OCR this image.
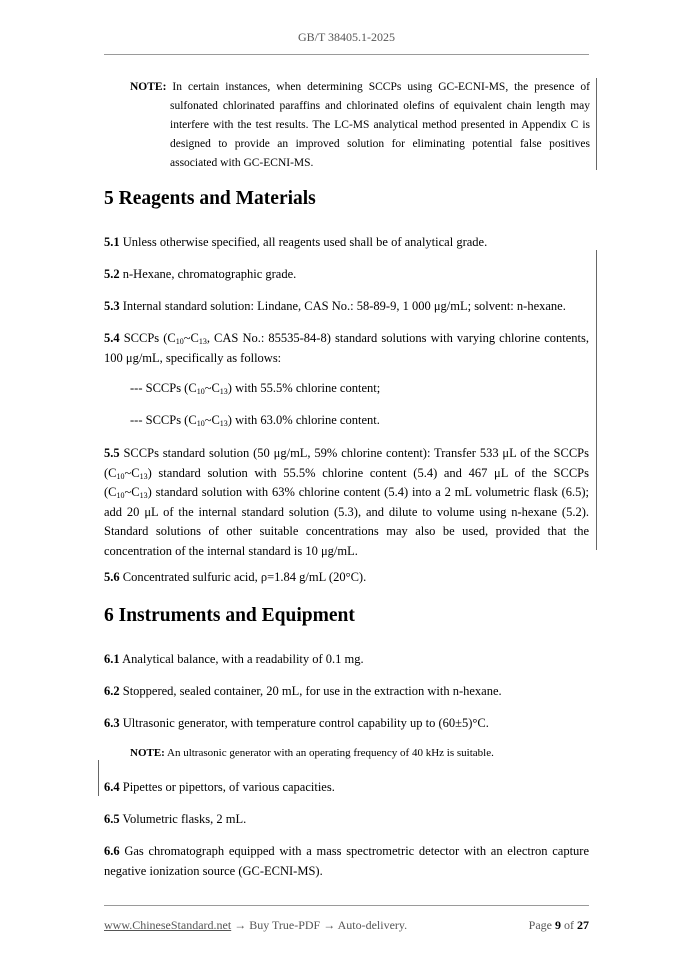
GB/T 38405.1-2025
NOTE: In certain instances, when determining SCCPs using GC-ECNI-MS, the presence of
sulfonated chlorinated paraffins and chlorinated olefins of equivalent chain length may
interfere with the test results. The LC-MS analytical method presented in Appendix C is
designed to provide an improved solution for eliminating potential false positives
associated with GC-ECNI-MS.
5 Reagents and Materials
5.1 Unless otherwise specified, all reagents used shall be of analytical grade.
5.2 n-Hexane, chromatographic grade.
5.3 Internal standard solution: Lindane, CAS No.: 58-89-9, 1 000 μg/mL; solvent: n-hexane.
5.4 SCCPs ($C_{10}\sim C_{13}$, CAS No.: 85535-84-8) standard solutions with varying chlorine contents,
100 μg/mL, specifically as follows:
--- SCCPs $(C_{10}\sim C_{13})$ with 55.5% chlorine content;
--- SCCPs $(C_{10}\sim C_{13})$ with 63.0% chlorine content.
5.5 SCCPs standard solution (50 μg/mL, 59% chlorine content): Transfer 533 μL of the SCCPs
$(C_{10}\sim C_{13})$ standard solution with 55.5% chlorine content (5.4) and 467 μL of the SCCPs
$(C_{10}\sim C_{13})$ standard solution with 63% chlorine content (5.4) into a 2 mL volumetric flask (6.5);
add 20 μL of the internal standard solution (5.3), and dilute to volume using n-hexane (5.2).
Standard solutions of other suitable concentrations may also be used, provided that the
concentration of the internal standard is 10 μg/mL.
5.6 Concentrated sulfuric acid, ρ=1.84 g/mL (20°C).
6 Instruments and Equipment
6.1 Analytical balance, with a readability of 0.1 mg.
6.2 Stoppered, sealed container, 20 mL, for use in the extraction with n-hexane.
6.3 Ultrasonic generator, with temperature control capability up to (60±5)°C.
NOTE: An ultrasonic generator with an operating frequency of 40 kHz is suitable.
6.4 Pipettes or pipettors, of various capacities.
6.5 Volumetric flasks, 2 mL.
6.6 Gas chromatograph equipped with a mass spectrometric detector with an electron capture
negative ionization source (GC-ECNI-MS).
www.ChineseStandard.net → Buy True-PDF → Auto-delivery.	Page 9 of 27
